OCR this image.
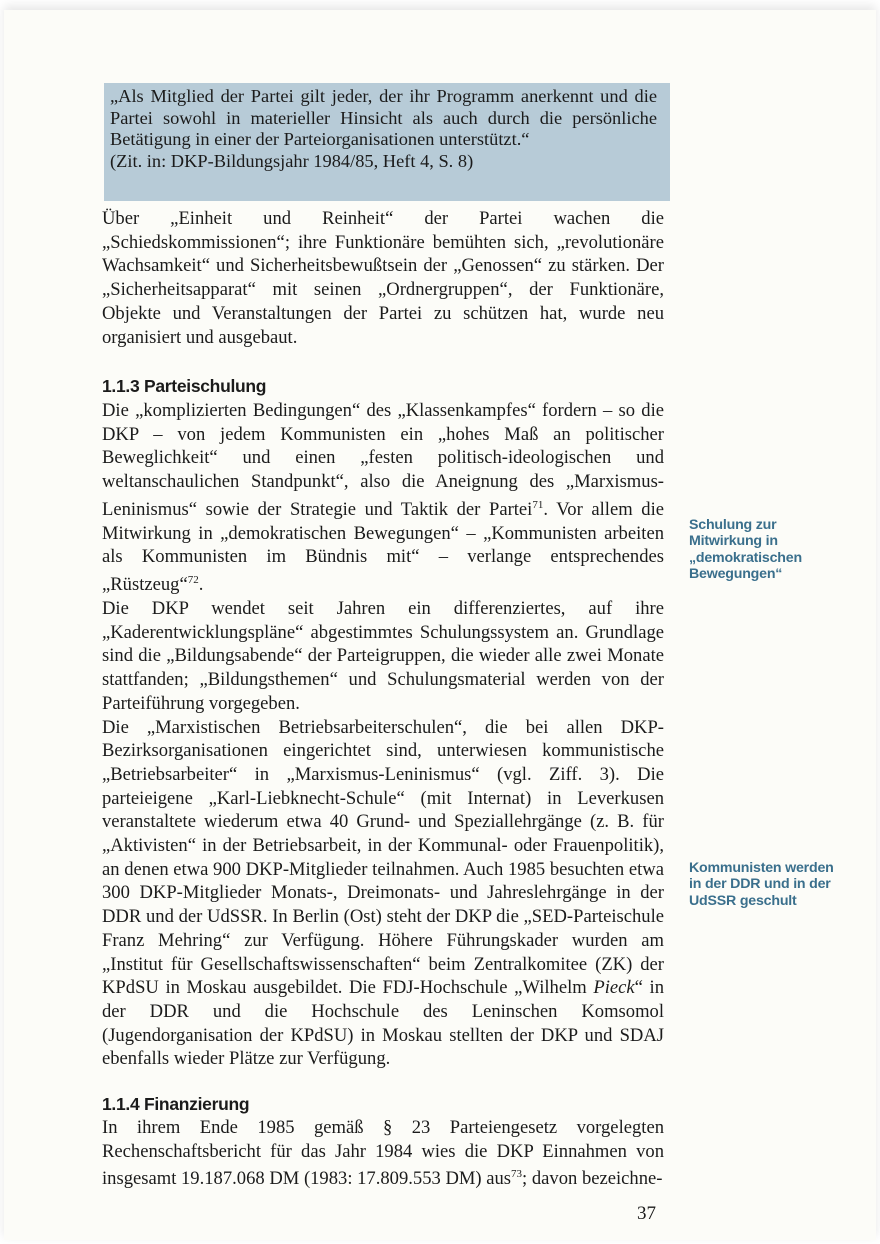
„Als Mitglied der Partei gilt jeder, der ihr Programm anerkennt und die Partei sowohl in materieller Hinsicht als auch durch die persönliche Betätigung in einer der Parteiorganisationen unterstützt.“
(Zit. in: DKP-Bildungsjahr 1984/85, Heft 4, S. 8)

Über „Einheit und Reinheit“ der Partei wachen die „Schiedskommissionen“; ihre Funktionäre bemühten sich, „revolutionäre Wachsamkeit“ und Sicherheitsbewußtsein der „Genossen“ zu stärken. Der „Sicherheitsapparat“ mit seinen „Ordnergruppen“, der Funktionäre, Objekte und Veranstaltungen der Partei zu schützen hat, wurde neu organisiert und ausgebaut.

1.1.3 Parteischulung

Die „komplizierten Bedingungen“ des „Klassenkampfes“ fordern – so die DKP – von jedem Kommunisten ein „hohes Maß an politischer Beweglichkeit“ und einen „festen politisch-ideologischen und weltanschaulichen Standpunkt“, also die Aneignung des „Marxismus-Leninismus“ sowie der Strategie und Taktik der Partei$^{71}$. Vor allem die Mitwirkung in „demokratischen Bewegungen“ – „Kommunisten arbeiten als Kommunisten im Bündnis mit“ – verlange entsprechendes „Rüstzeug“$^{72}$.

Die DKP wendet seit Jahren ein differenziertes, auf ihre „Kaderentwicklungspläne“ abgestimmtes Schulungssystem an. Grundlage sind die „Bildungsabende“ der Parteigruppen, die wieder alle zwei Monate stattfanden; „Bildungsthemen“ und Schulungsmaterial werden von der Parteiführung vorgegeben.

Die „Marxistischen Betriebsarbeiterschulen“, die bei allen DKP-Bezirksorganisationen eingerichtet sind, unterwiesen kommunistische „Betriebsarbeiter“ in „Marxismus-Leninismus“ (vgl. Ziff. 3). Die parteieigene „Karl-Liebknecht-Schule“ (mit Internat) in Leverkusen veranstaltete wiederum etwa 40 Grund- und Speziallehrgänge (z. B. für „Aktivisten“ in der Betriebsarbeit, in der Kommunal- oder Frauenpolitik), an denen etwa 900 DKP-Mitglieder teilnahmen. Auch 1985 besuchten etwa 300 DKP-Mitglieder Monats-, Dreimonats- und Jahreslehrgänge in der DDR und der UdSSR. In Berlin (Ost) steht der DKP die „SED-Parteischule Franz Mehring“ zur Verfügung. Höhere Führungskader wurden am „Institut für Gesellschaftswissenschaften“ beim Zentralkomitee (ZK) der KPdSU in Moskau ausgebildet. Die FDJ-Hochschule „Wilhelm Pieck“ in der DDR und die Hochschule des Leninschen Komsomol (Jugendorganisation der KPdSU) in Moskau stellten der DKP und SDAJ ebenfalls wieder Plätze zur Verfügung.

1.1.4 Finanzierung

In ihrem Ende 1985 gemäß § 23 Parteiengesetz vorgelegten Rechenschaftsbericht für das Jahr 1984 wies die DKP Einnahmen von insgesamt 19.187.068 DM (1983: 17.809.553 DM) aus$^{73}$; davon bezeichne-

Schulung zur Mitwirkung in „demokratischen Bewegungen“
Kommunisten werden in der DDR und in der UdSSR geschult
37
